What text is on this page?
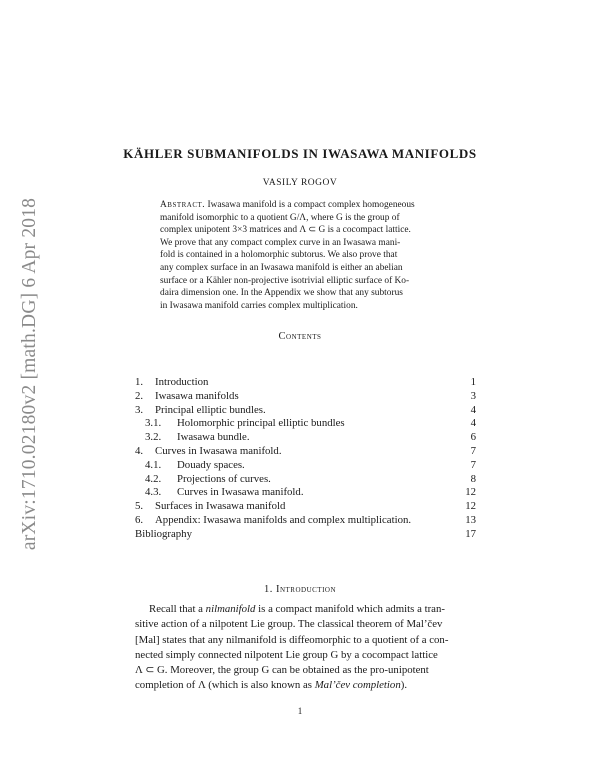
arXiv:1710.02180v2 [math.DG] 6 Apr 2018
KÄHLER SUBMANIFOLDS IN IWASAWA MANIFOLDS
VASILY ROGOV
Abstract. Iwasawa manifold is a compact complex homogeneous
manifold isomorphic to a quotient G/Λ, where G is the group of
complex unipotent 3×3 matrices and Λ ⊂ G is a cocompact lattice.
We prove that any compact complex curve in an Iwasawa mani-
fold is contained in a holomorphic subtorus. We also prove that
any complex surface in an Iwasawa manifold is either an abelian
surface or a Kähler non-projective isotrivial elliptic surface of Ko-
daira dimension one. In the Appendix we show that any subtorus
in Iwasawa manifold carries complex multiplication.
Contents
1. Introduction	1
2. Iwasawa manifolds	3
3. Principal elliptic bundles.	4
3.1. Holomorphic principal elliptic bundles	4
3.2. Iwasawa bundle.	6
4. Curves in Iwasawa manifold.	7
4.1. Douady spaces.	7
4.2. Projections of curves.	8
4.3. Curves in Iwasawa manifold.	12
5. Surfaces in Iwasawa manifold	12
6. Appendix: Iwasawa manifolds and complex multiplication.	13
Bibliography	17
1. Introduction
Recall that a nilmanifold is a compact manifold which admits a tran-
sitive action of a nilpotent Lie group. The classical theorem of Mal’čev
[Mal] states that any nilmanifold is diffeomorphic to a quotient of a con-
nected simply connected nilpotent Lie group G by a cocompact lattice
Λ ⊂ G. Moreover, the group G can be obtained as the pro-unipotent
completion of Λ (which is also known as Mal’čev completion).
1
